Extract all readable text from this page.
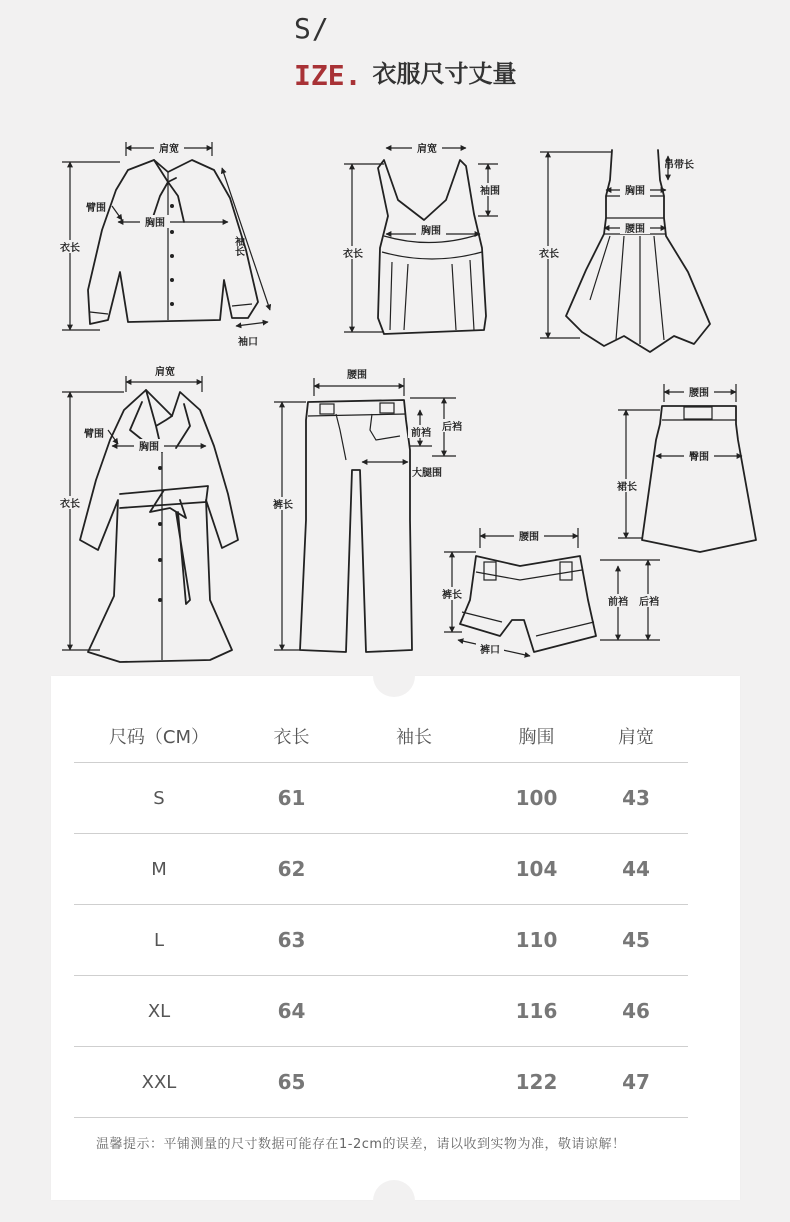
S/
IZE. 衣服尺寸丈量
肩宽
臂围
胸围
衣长	袖长
袖口
肩宽
袖围
胸围
衣长
吊带长
胸围
腰围
衣长
肩宽
臂围
胸围
衣长
腰围
前裆
后裆
大腿围
裤长
腰围
臀围
裙长
腰围
裤长
前裆 后裆
裤口
尺码（CM）	衣长	袖长	胸围	肩宽
S	61		100	43
M	62		104	44
L	63		110	45
XL	64		116	46
XXL	65		122	47
温馨提示：平铺测量的尺寸数据可能存在1-2cm的误差，请以收到实物为准，敬请谅解！
